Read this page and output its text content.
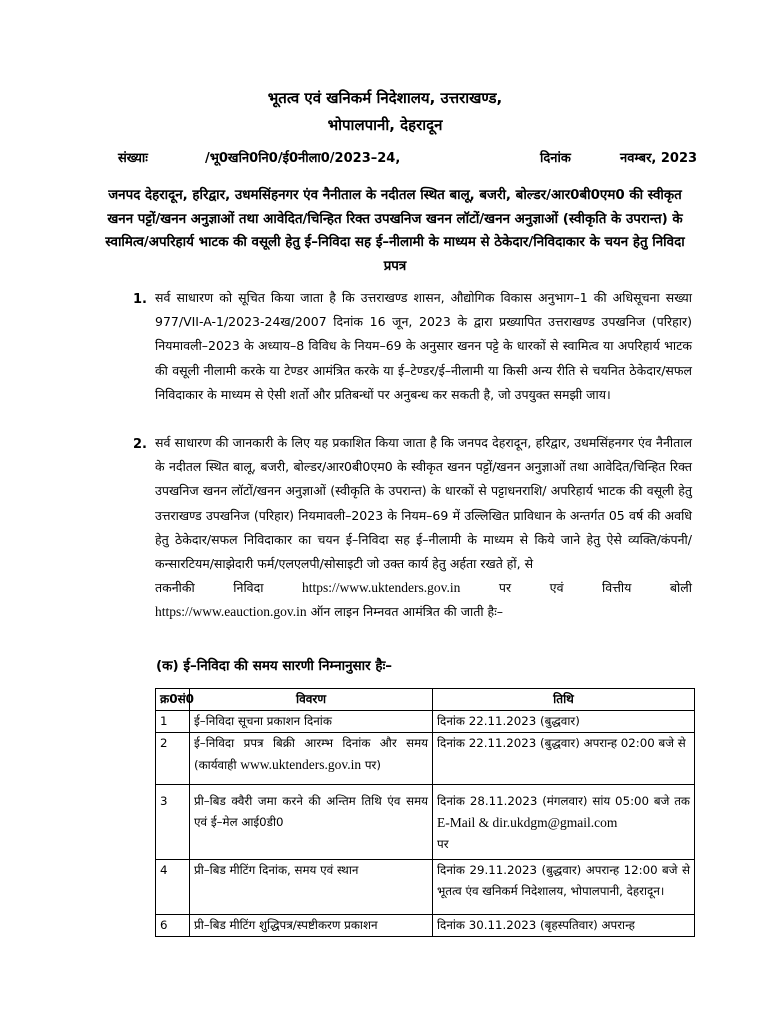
भूतत्व एवं खनिकर्म निदेशालय, उत्तराखण्ड,
भोपालपानी, देहरादून
संख्याः	/भू0खनि0नि0/ई0नीला0/2023–24,	दिनांक	नवम्बर, 2023
जनपद देहरादून, हरिद्वार, उधमसिंहनगर एंव नैनीताल के नदीतल स्थित बालू, बजरी, बोल्डर/आर0बी0एम0 की स्वीकृत खनन पट्टों/खनन अनुज्ञाओं तथा आवेदित/चिन्हित रिक्त उपखनिज खनन लॉटों/खनन अनुज्ञाओं (स्वीकृति के उपरान्त) के स्वामित्व/अपरिहार्य भाटक की वसूली हेतु ई–निविदा सह ई–नीलामी के माध्यम से ठेकेदार/निविदाकार के चयन हेतु निविदा प्रपत्र
1. सर्व साधारण को सूचित किया जाता है कि उत्तराखण्ड शासन, औद्योगिक विकास अनुभाग–1 की अधिसूचना सख्या 977/VII-A-1/2023-24ख/2007 दिनांक 16 जून, 2023 के द्वारा प्रख्यापित उत्तराखण्ड उपखनिज (परिहार) नियमावली–2023 के अध्याय–8 विविध के नियम–69 के अनुसार खनन पट्टे के धारकों से स्वामित्व या अपरिहार्य भाटक की वसूली नीलामी करके या टेण्डर आमंत्रित करके या ई–टेण्डर/ई–नीलामी या किसी अन्य रीति से चयनित ठेकेदार/सफल निविदाकार के माध्यम से ऐसी शर्तो और प्रतिबन्धों पर अनुबन्ध कर सकती है, जो उपयुक्त समझी जाय।
2. सर्व साधारण की जानकारी के लिए यह प्रकाशित किया जाता है कि जनपद देहरादून, हरिद्वार, उधमसिंहनगर एंव नैनीताल के नदीतल स्थित बालू, बजरी, बोल्डर/आर0बी0एम0 के स्वीकृत खनन पट्टों/खनन अनुज्ञाओं तथा आवेदित/चिन्हित रिक्त उपखनिज खनन लॉटों/खनन अनुज्ञाओं (स्वीकृति के उपरान्त) के धारकों से पट्टाधनराशि/ अपरिहार्य भाटक की वसूली हेतु उत्तराखण्ड उपखनिज (परिहार) नियमावली–2023 के नियम–69 में उल्लिखित प्राविधान के अन्तर्गत 05 वर्ष की अवधि हेतु ठेकेदार/सफल निविदाकार का चयन ई–निविदा सह ई–नीलामी के माध्यम से किये जाने हेतु ऐसे व्यक्ति/कंपनी/कन्सारटियम/साझेदारी फर्म/एलएलपी/सोसाइटी जो उक्त कार्य हेतु अर्हता रखते हों, से
तकनीकी	निविदा	https://www.uktenders.gov.in	पर	एवं	वित्तीय	बोली
https://www.eauction.gov.in ऑन लाइन निम्नवत आमंत्रित की जाती हैः–
(क) ई–निविदा की समय सारणी निम्नानुसार हैः–
क्र0सं0	विवरण	तिथि
1	ई–निविदा सूचना प्रकाशन दिनांक	दिनांक 22.11.2023 (बुद्धवार)
2	ई–निविदा प्रपत्र बिक्री आरम्भ दिनांक और समय (कार्यवाही www.uktenders.gov.in पर)	दिनांक 22.11.2023 (बुद्धवार) अपरान्ह 02:00 बजे से
3	प्री–बिड क्वैरी जमा करने की अन्तिम तिथि एंव समय एवं ई–मेल आई0डी0	दिनांक 28.11.2023 (मंगलवार) सांय 05:00 बजे तक E-Mail & dir.ukdgm@gmail.com
पर
4	प्री–बिड मीटिंग दिनांक, समय एवं स्थान	दिनांक 29.11.2023 (बुद्धवार) अपरान्ह 12:00 बजे से भूतत्व एंव खनिकर्म निदेशालय, भोपालपानी, देहरादून।
6	प्री–बिड मीटिंग शुद्धिपत्र/स्पष्टीकरण प्रकाशन	दिनांक 30.11.2023 (बृहस्पतिवार) अपरान्ह
